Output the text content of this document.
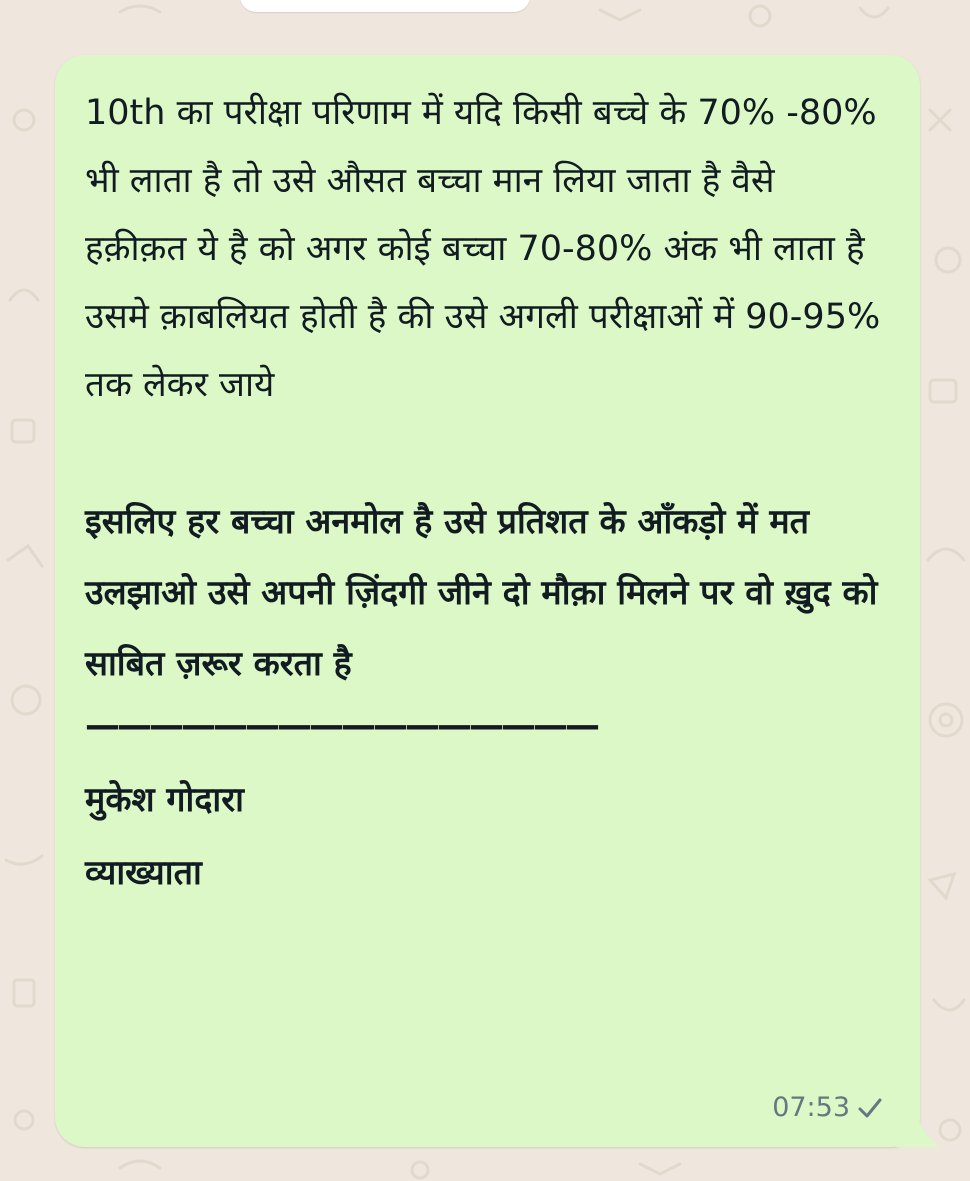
10th का परीक्षा परिणाम में यदि किसी बच्चे के 70% -80% भी लाता है तो उसे औसत बच्चा मान लिया जाता है वैसे हक़ीक़त ये है को अगर कोई बच्चा 70-80% अंक भी लाता है उसमे क़ाबलियत होती है की उसे अगली परीक्षाओं में 90-95% तक लेकर जाये

इसलिए हर बच्चा अनमोल है उसे प्रतिशत के आँकड़ो में मत उलझाओ उसे अपनी ज़िंदगी जीने दो मौक़ा मिलने पर वो ख़ुद को साबित ज़रूर करता है

————————————————
मुकेश गोदारा
व्याख्याता
07:53
